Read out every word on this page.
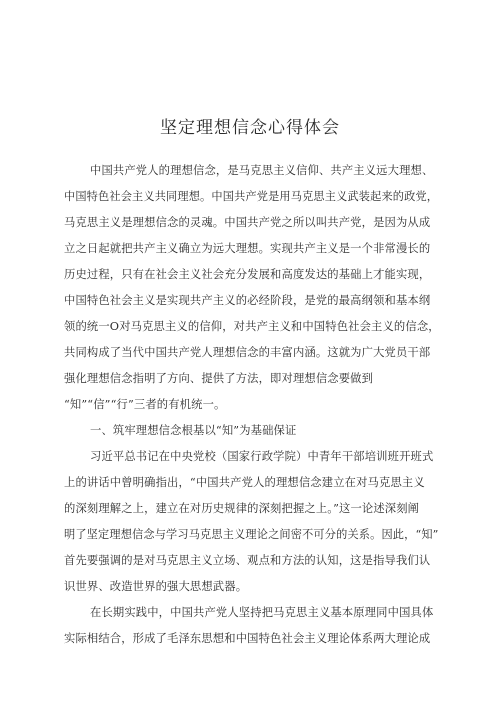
坚定理想信念心得体会
中国共产党人的理想信念，是马克思主义信仰、共产主义远大理想、
中国特色社会主义共同理想。中国共产党是用马克思主义武装起来的政党，
马克思主义是理想信念的灵魂。中国共产党之所以叫共产党，是因为从成
立之日起就把共产主义确立为远大理想。实现共产主义是一个非常漫长的
历史过程，只有在社会主义社会充分发展和高度发达的基础上才能实现，
中国特色社会主义是实现共产主义的必经阶段，是党的最高纲领和基本纲
领的统一O对马克思主义的信仰，对共产主义和中国特色社会主义的信念，
共同构成了当代中国共产党人理想信念的丰富内涵。这就为广大党员干部
强化理想信念指明了方向、提供了方法，即对理想信念要做到
“知”“信”“行”三者的有机统一。
一、筑牢理想信念根基以“知”为基础保证
习近平总书记在中央党校（国家行政学院）中青年干部培训班开班式
上的讲话中曾明确指出，“中国共产党人的理想信念建立在对马克思主义
的深刻理解之上，建立在对历史规律的深刻把握之上。”这一论述深刻阐
明了坚定理想信念与学习马克思主义理论之间密不可分的关系。因此，“知”
首先要强调的是对马克思主义立场、观点和方法的认知，这是指导我们认
识世界、改造世界的强大思想武器。
在长期实践中，中国共产党人坚持把马克思主义基本原理同中国具体
实际相结合，形成了毛泽东思想和中国特色社会主义理论体系两大理论成
